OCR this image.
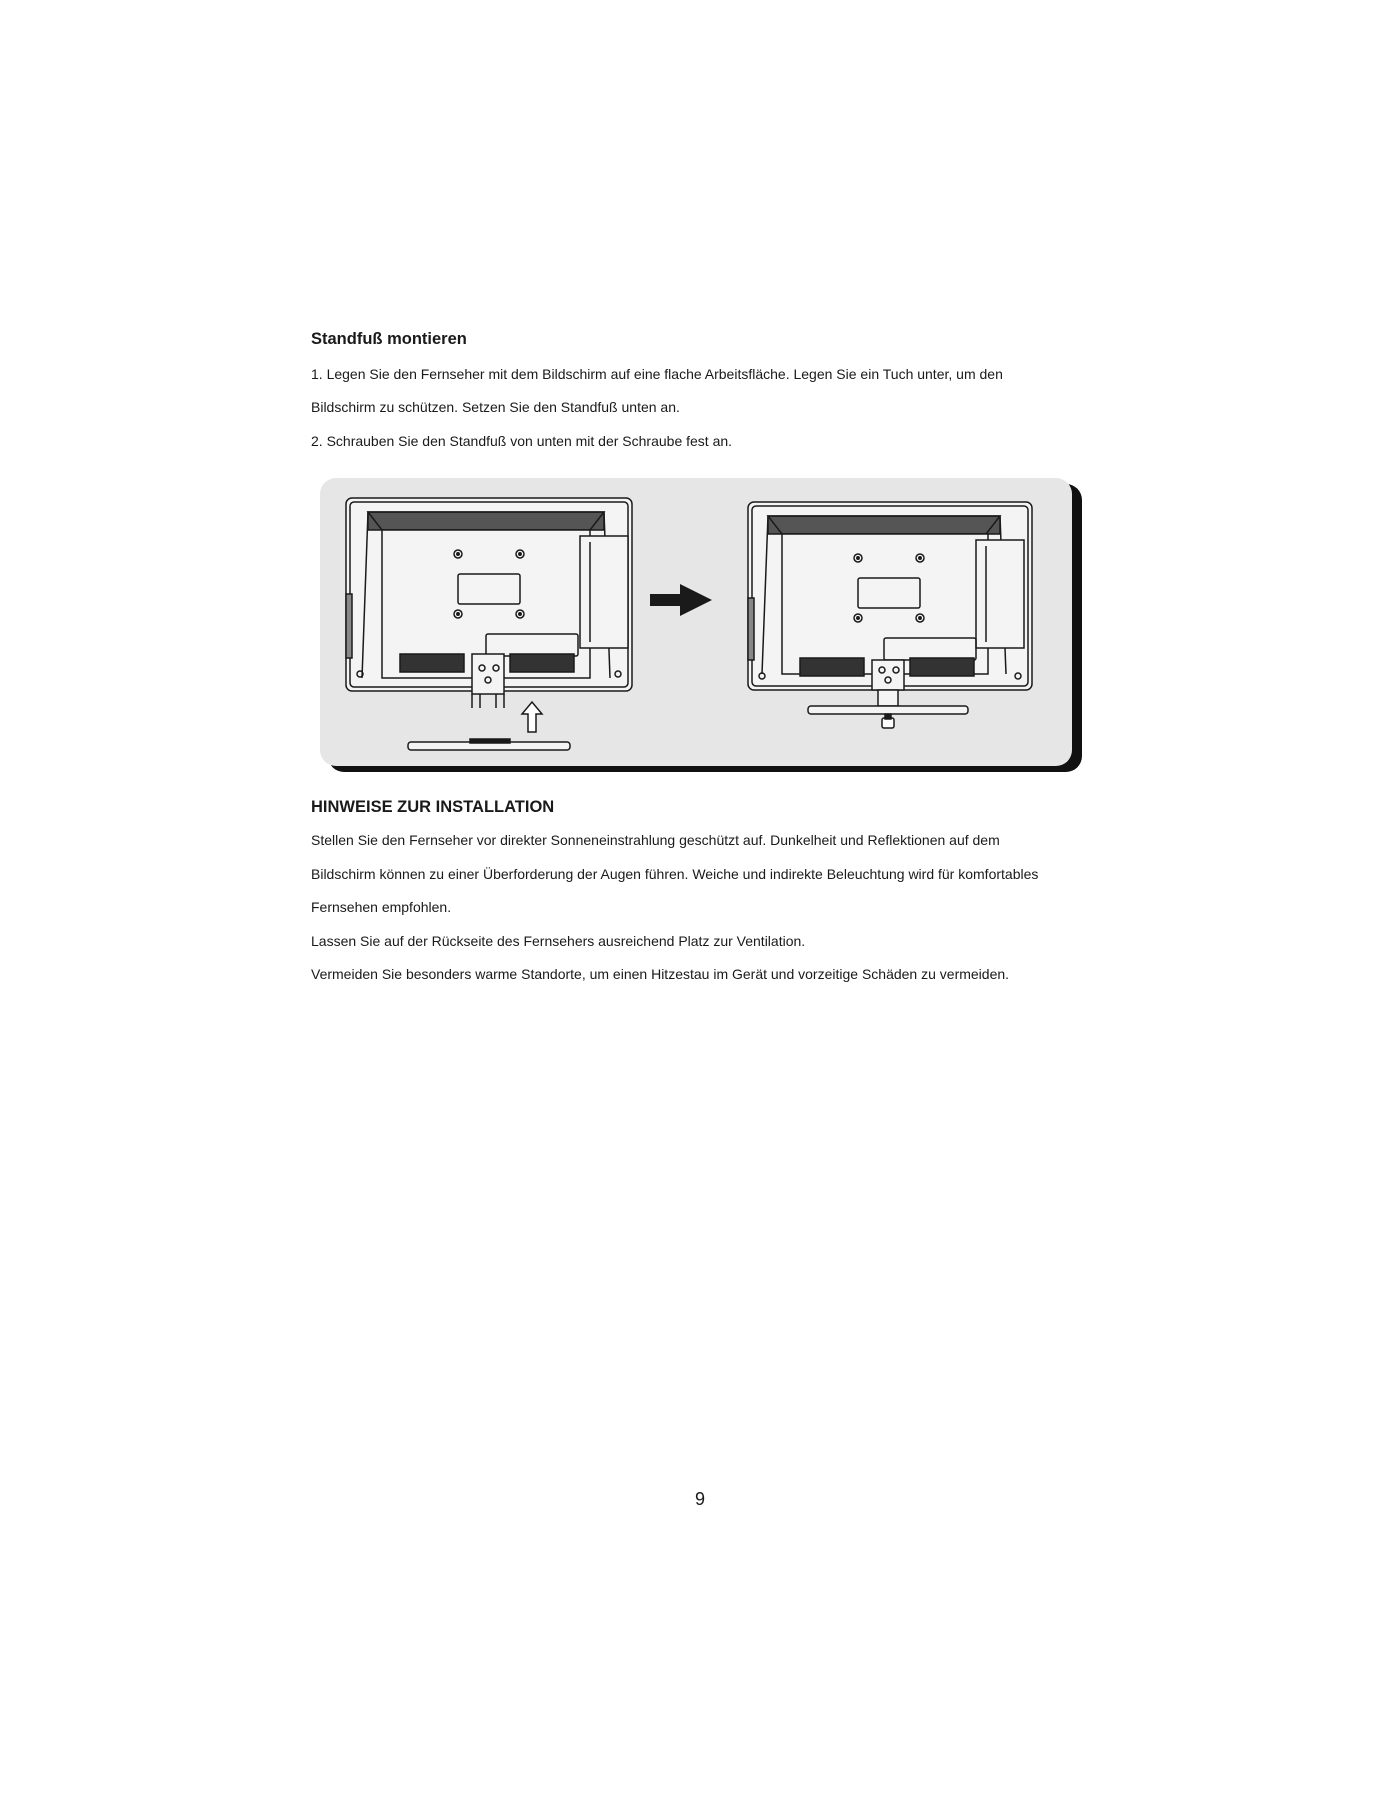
Standfuß montieren

1. Legen Sie den Fernseher mit dem Bildschirm auf eine flache Arbeitsfläche. Legen Sie ein Tuch unter, um den

Bildschirm zu schützen. Setzen Sie den Standfuß unten an.

2. Schrauben Sie den Standfuß von unten mit der Schraube fest an.

HINWEISE ZUR INSTALLATION

Stellen Sie den Fernseher vor direkter Sonneneinstrahlung geschützt auf. Dunkelheit und Reflektionen auf dem

Bildschirm können zu einer Überforderung der Augen führen. Weiche und indirekte Beleuchtung wird für komfortables

Fernsehen empfohlen.

Lassen Sie auf der Rückseite des Fernsehers ausreichend Platz zur Ventilation.

Vermeiden Sie besonders warme Standorte, um einen Hitzestau im Gerät und vorzeitige Schäden zu vermeiden.

9
